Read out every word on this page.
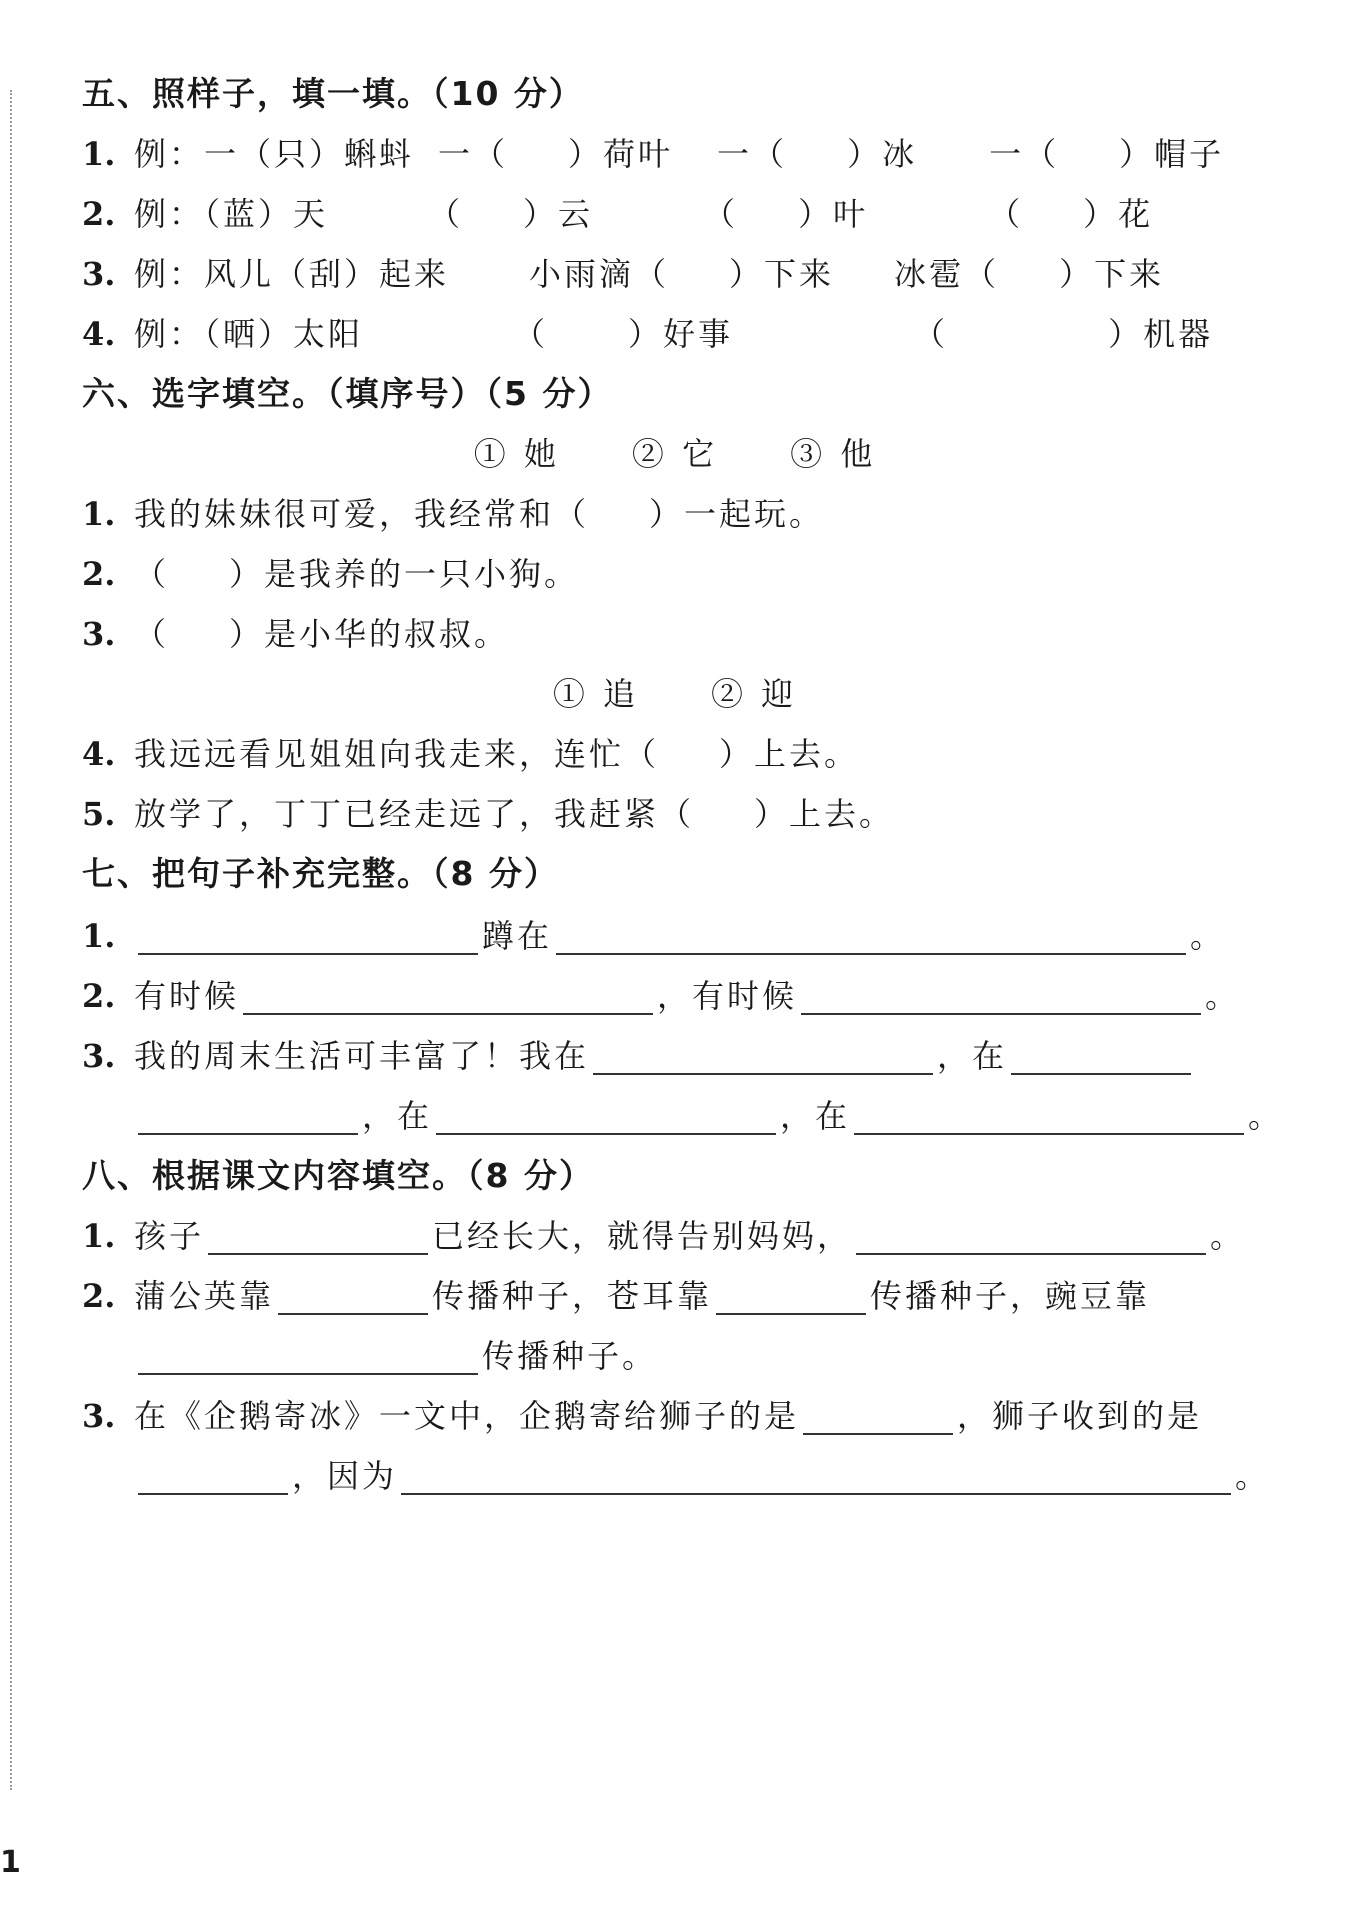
五、照样子，填一填。（10 分）
1. 例：一（只）蝌蚪 一（ ）荷叶 一（ ）冰 一（ ）帽子
2. 例：（蓝）天	（ ）云	（ ）叶	（ ）花
3. 例：风儿（刮）起来	小雨滴（ ）下来 冰雹（ ）下来
4. 例：（晒）太阳	（	）好事	（	）机器
六、选字填空。（填序号）（5 分）
① 她 ② 它 ③ 他
1. 我的妹妹很可爱，我经常和（ ）一起玩。
2. （ ）是我养的一只小狗。
3. （ ）是小华的叔叔。
① 追 ② 迎
4. 我远远看见姐姐向我走来，连忙（ ）上去。
5. 放学了，丁丁已经走远了，我赶紧（ ）上去。
七、把句子补充完整。（8 分）
1.	蹲在	。
2. 有时候	，有时候	。
3. 我的周末生活可丰富了！我在	，在
，在	，在	。
八、根据课文内容填空。（8 分）
1. 孩子	已经长大，就得告别妈妈，	。
2. 蒲公英靠	传播种子，苍耳靠	传播种子，豌豆靠
传播种子。
3. 在《企鹅寄冰》一文中，企鹅寄给狮子的是	，狮子收到的是
，因为	。
1
